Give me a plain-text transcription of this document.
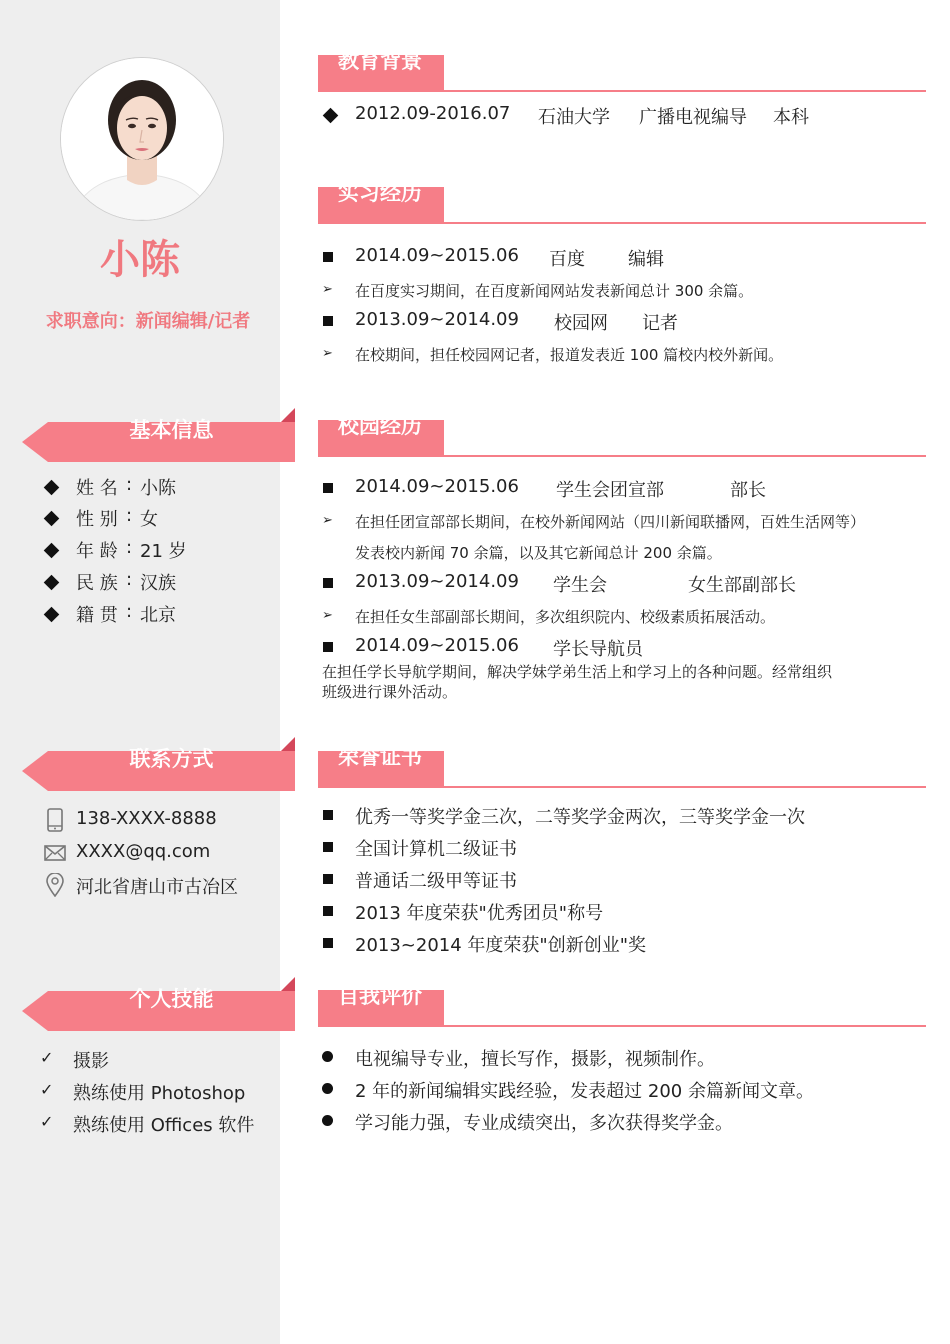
小陈
求职意向：新闻编辑/记者
基本信息
姓 名 : 小陈
性 别 : 女
年 龄 : 21 岁
民 族 : 汉族
籍 贯 : 北京
联系方式
138-XXXX-8888
XXXX@qq.com
河北省唐山市古冶区
个人技能
✓ 摄影
✓ 熟练使用 Photoshop
✓ 熟练使用 Offices 软件
教育背景
2012.09-2016.07 石油大学 广播电视编导 本科
实习经历
2014.09~2015.06 百度 编辑
➢ 在百度实习期间，在百度新闻网站发表新闻总计 300 余篇。
2013.09~2014.09 校园网 记者
➢ 在校期间，担任校园网记者，报道发表近 100 篇校内校外新闻。
校园经历
2014.09~2015.06 学生会团宣部	部长
➢ 在担任团宣部部长期间，在校外新闻网站（四川新闻联播网，百姓生活网等）
发表校内新闻 70 余篇，以及其它新闻总计 200 余篇。
2013.09~2014.09 学生会	女生部副部长
➢ 在担任女生部副部长期间，多次组织院内、校级素质拓展活动。
2014.09~2015.06 学长导航员
在担任学长导航学期间，解决学妹学弟生活上和学习上的各种问题。经常组织
班级进行课外活动。
荣誉证书
优秀一等奖学金三次，二等奖学金两次，三等奖学金一次
全国计算机二级证书
普通话二级甲等证书
2013 年度荣获"优秀团员"称号
2013~2014 年度荣获"创新创业"奖
自我评价
电视编导专业，擅长写作，摄影，视频制作。
2 年的新闻编辑实践经验，发表超过 200 余篇新闻文章。
学习能力强，专业成绩突出，多次获得奖学金。
